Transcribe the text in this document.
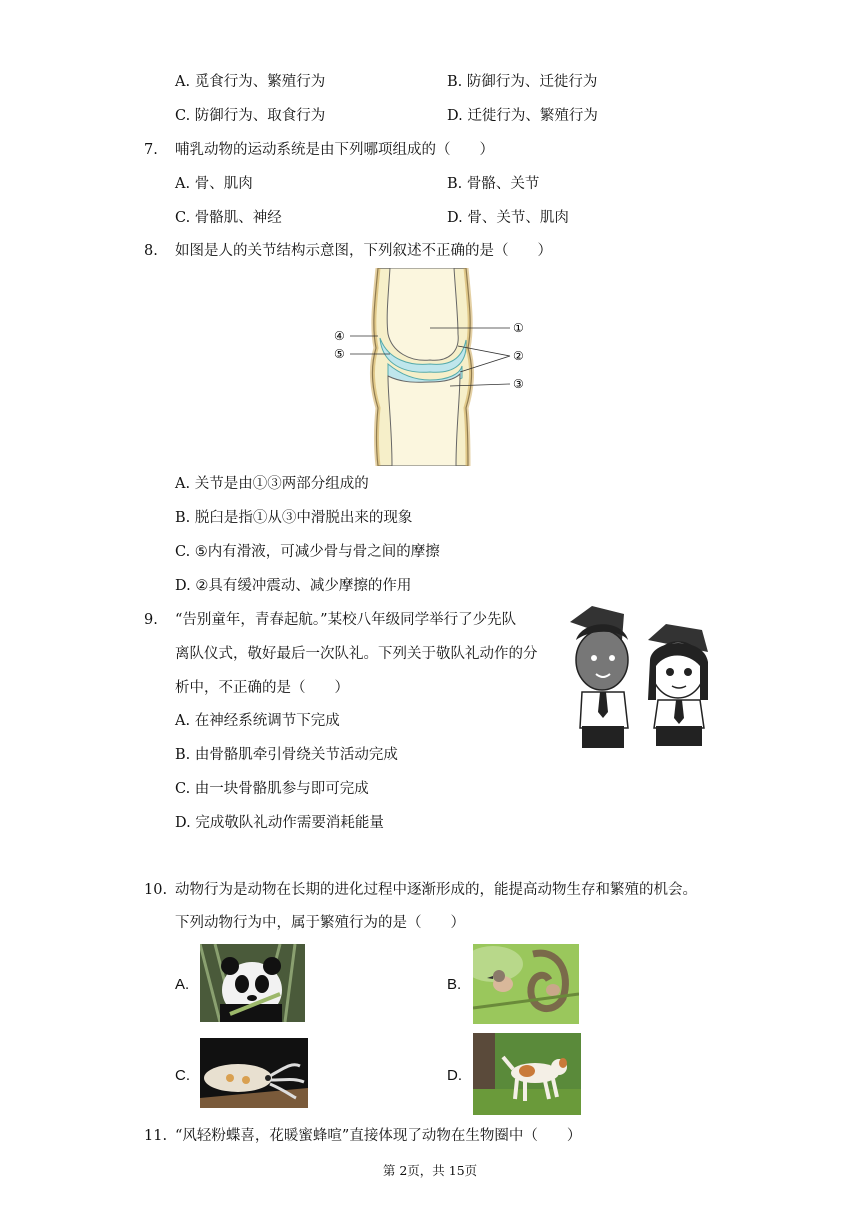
A. 觅食行为、繁殖行为	B. 防御行为、迁徙行为
C. 防御行为、取食行为	D. 迁徙行为、繁殖行为
7. 哺乳动物的运动系统是由下列哪项组成的（　　）
A. 骨、肌肉	B. 骨骼、关节
C. 骨骼肌、神经	D. 骨、关节、肌肉
8. 如图是人的关节结构示意图，下列叙述不正确的是（　　）
①
②
③
④
⑤
A. 关节是由①③两部分组成的
B. 脱臼是指①从③中滑脱出来的现象
C. ⑤内有滑液，可减少骨与骨之间的摩擦
D. ②具有缓冲震动、减少摩擦的作用
9. “告别童年，青春起航。”某校八年级同学举行了少先队
离队仪式，敬好最后一次队礼。下列关于敬队礼动作的分
析中，不正确的是（　　）
A. 在神经系统调节下完成
B. 由骨骼肌牵引骨绕关节活动完成
C. 由一块骨骼肌参与即可完成
D. 完成敬队礼动作需要消耗能量
10. 动物行为是动物在长期的进化过程中逐渐形成的，能提高动物生存和繁殖的机会。
下列动物行为中，属于繁殖行为的是（　　）
A.	B.
C.	D.
11. “风轻粉蝶喜，花暖蜜蜂喧”直接体现了动物在生物圈中（　　）
第 2页，共 15页
